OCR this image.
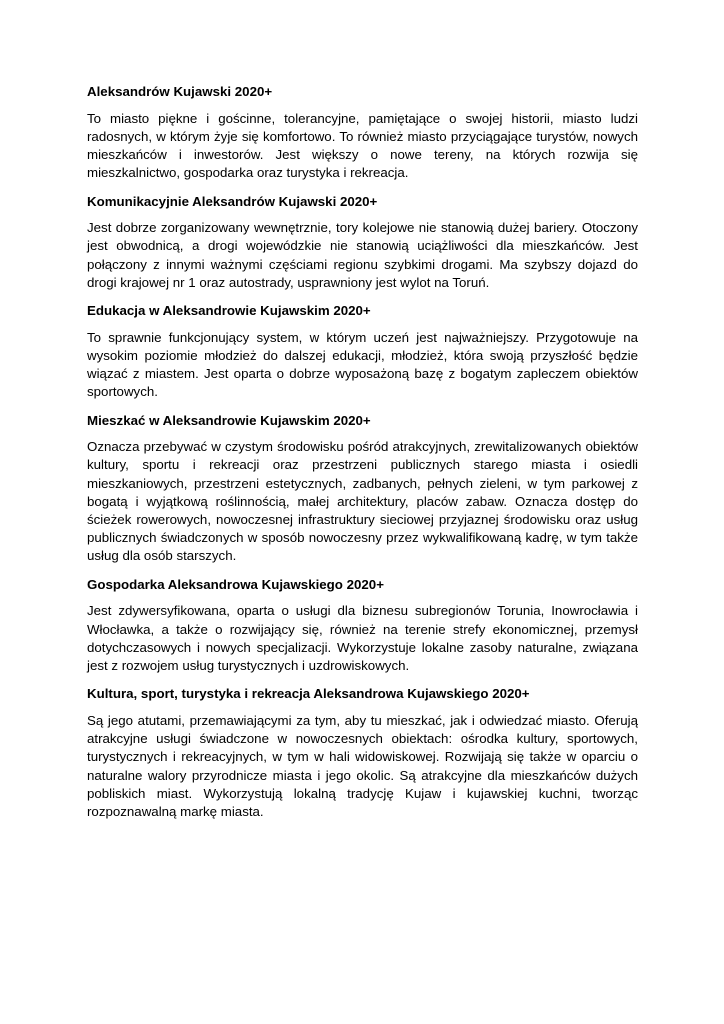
Aleksandrów Kujawski 2020+

To miasto piękne i gościnne, tolerancyjne, pamiętające o swojej historii, miasto ludzi radosnych, w którym żyje się komfortowo. To również miasto przyciągające turystów, nowych mieszkańców i inwestorów. Jest większy o nowe tereny, na których rozwija się mieszkalnictwo, gospodarka oraz turystyka i rekreacja.

Komunikacyjnie Aleksandrów Kujawski 2020+

Jest dobrze zorganizowany wewnętrznie, tory kolejowe nie stanowią dużej bariery. Otoczony jest obwodnicą, a drogi wojewódzkie nie stanowią uciążliwości dla mieszkańców. Jest połączony z innymi ważnymi częściami regionu szybkimi drogami. Ma szybszy dojazd do drogi krajowej nr 1 oraz autostrady, usprawniony jest wylot na Toruń.

Edukacja w Aleksandrowie Kujawskim 2020+

To sprawnie funkcjonujący system, w którym uczeń jest najważniejszy. Przygotowuje na wysokim poziomie młodzież do dalszej edukacji, młodzież, która swoją przyszłość będzie wiązać z miastem. Jest oparta o dobrze wyposażoną bazę z bogatym zapleczem obiektów sportowych.

Mieszkać w Aleksandrowie Kujawskim 2020+

Oznacza przebywać w czystym środowisku pośród atrakcyjnych, zrewitalizowanych obiektów kultury, sportu i rekreacji oraz przestrzeni publicznych starego miasta i osiedli mieszkaniowych, przestrzeni estetycznych, zadbanych, pełnych zieleni, w tym parkowej z bogatą i wyjątkową roślinnością, małej architektury, placów zabaw. Oznacza dostęp do ścieżek rowerowych, nowoczesnej infrastruktury sieciowej przyjaznej środowisku oraz usług publicznych świadczonych w sposób nowoczesny przez wykwalifikowaną kadrę, w tym także usług dla osób starszych.

Gospodarka Aleksandrowa Kujawskiego 2020+

Jest zdywersyfikowana, oparta o usługi dla biznesu subregionów Torunia, Inowrocławia i Włocławka, a także o rozwijający się, również na terenie strefy ekonomicznej, przemysł dotychczasowych i nowych specjalizacji. Wykorzystuje lokalne zasoby naturalne, związana jest z rozwojem usług turystycznych i uzdrowiskowych.

Kultura, sport, turystyka i rekreacja Aleksandrowa Kujawskiego 2020+

Są jego atutami, przemawiającymi za tym, aby tu mieszkać, jak i odwiedzać miasto. Oferują atrakcyjne usługi świadczone w nowoczesnych obiektach: ośrodka kultury, sportowych, turystycznych i rekreacyjnych, w tym w hali widowiskowej. Rozwijają się także w oparciu o naturalne walory przyrodnicze miasta i jego okolic. Są atrakcyjne dla mieszkańców dużych pobliskich miast. Wykorzystują lokalną tradycję Kujaw i kujawskiej kuchni, tworząc rozpoznawalną markę miasta.
